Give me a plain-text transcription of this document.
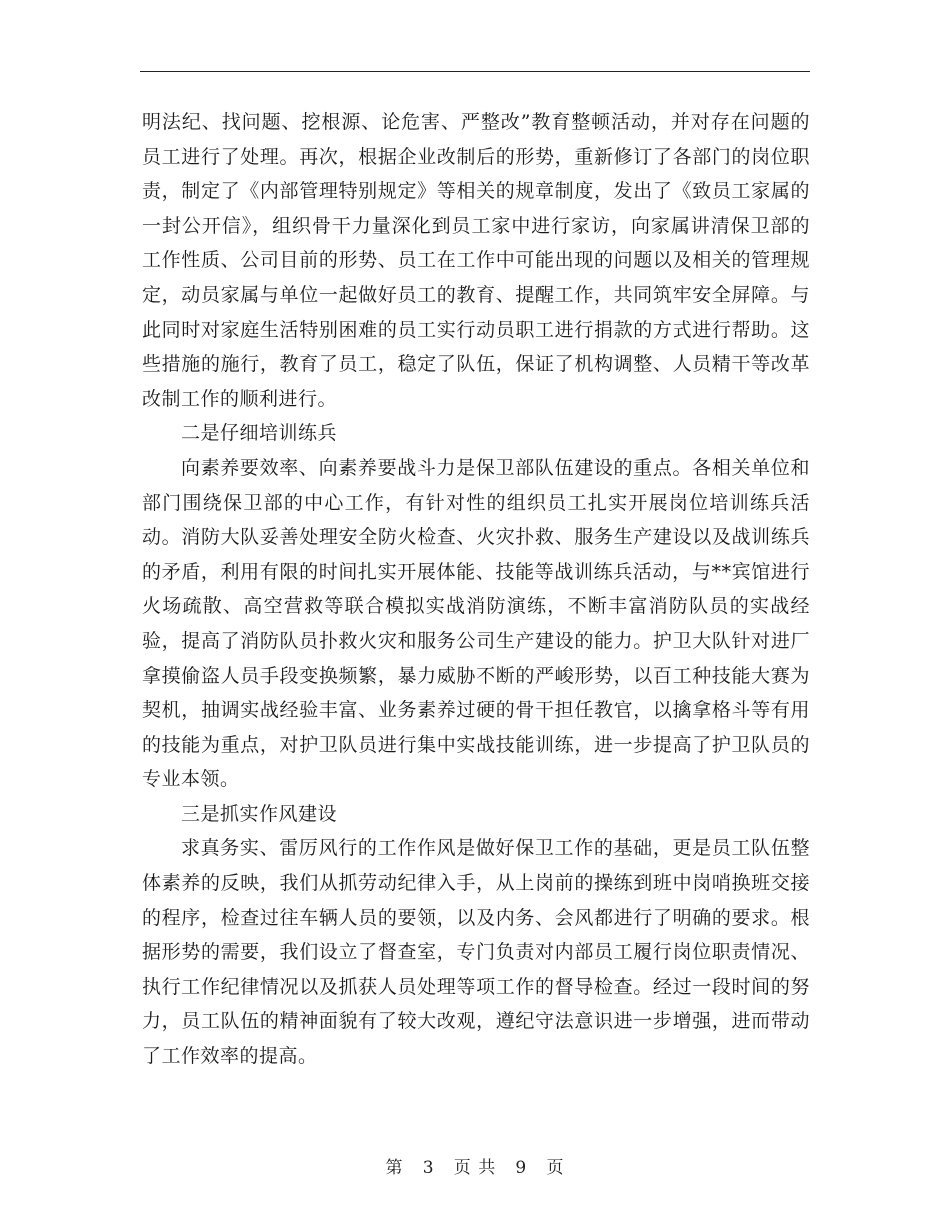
明法纪、找问题、挖根源、论危害、严整改”教育整顿活动，并对存在问题的员工进行了处理。再次，根据企业改制后的形势，重新修订了各部门的岗位职责，制定了《内部管理特别规定》等相关的规章制度，发出了《致员工家属的一封公开信》，组织骨干力量深化到员工家中进行家访，向家属讲清保卫部的工作性质、公司目前的形势、员工在工作中可能出现的问题以及相关的管理规定，动员家属与单位一起做好员工的教育、提醒工作，共同筑牢安全屏障。与此同时对家庭生活特别困难的员工实行动员职工进行捐款的方式进行帮助。这些措施的施行，教育了员工，稳定了队伍，保证了机构调整、人员精干等改革改制工作的顺利进行。

二是仔细培训练兵

向素养要效率、向素养要战斗力是保卫部队伍建设的重点。各相关单位和部门围绕保卫部的中心工作，有针对性的组织员工扎实开展岗位培训练兵活动。消防大队妥善处理安全防火检查、火灾扑救、服务生产建设以及战训练兵的矛盾，利用有限的时间扎实开展体能、技能等战训练兵活动，与**宾馆进行火场疏散、高空营救等联合模拟实战消防演练，不断丰富消防队员的实战经验，提高了消防队员扑救火灾和服务公司生产建设的能力。护卫大队针对进厂拿摸偷盗人员手段变换频繁，暴力威胁不断的严峻形势，以百工种技能大赛为契机，抽调实战经验丰富、业务素养过硬的骨干担任教官，以擒拿格斗等有用的技能为重点，对护卫队员进行集中实战技能训练，进一步提高了护卫队员的专业本领。

三是抓实作风建设

求真务实、雷厉风行的工作作风是做好保卫工作的基础，更是员工队伍整体素养的反映，我们从抓劳动纪律入手，从上岗前的操练到班中岗哨换班交接的程序，检查过往车辆人员的要领，以及内务、会风都进行了明确的要求。根据形势的需要，我们设立了督查室，专门负责对内部员工履行岗位职责情况、执行工作纪律情况以及抓获人员处理等项工作的督导检查。经过一段时间的努力，员工队伍的精神面貌有了较大改观，遵纪守法意识进一步增强，进而带动了工作效率的提高。

第 3 页 共 9 页
